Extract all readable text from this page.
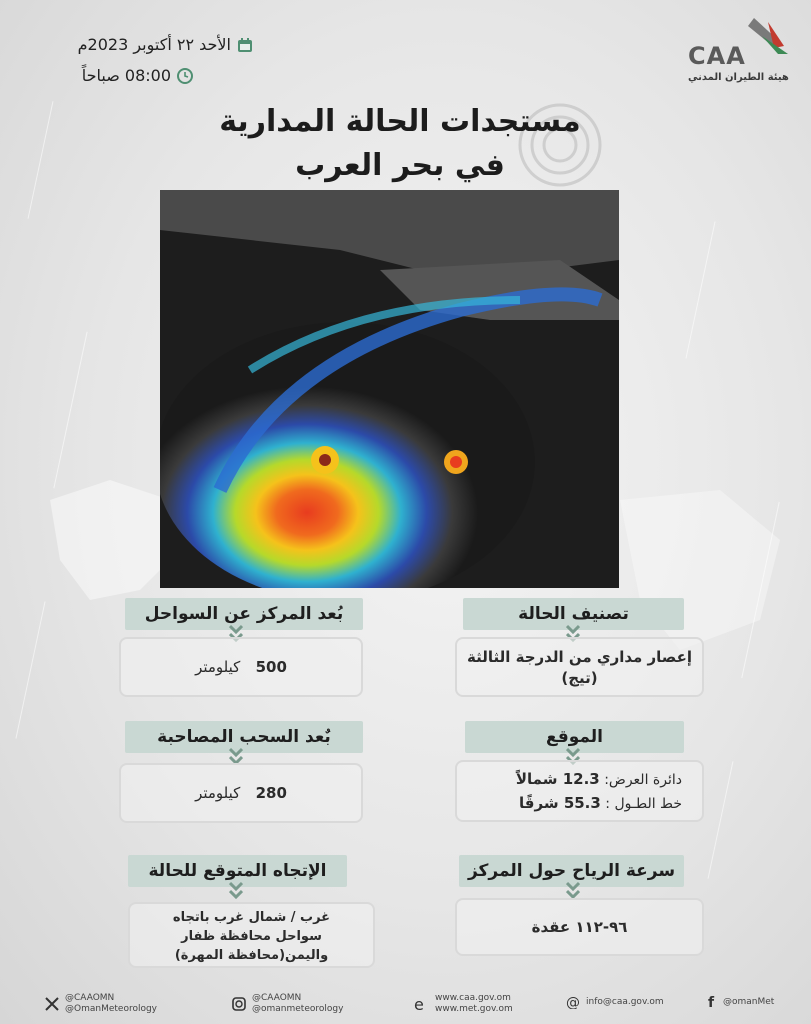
CAA
هيئة الطيران المدني
الأحد ٢٢ أكتوبر 2023م
08:00 صباحاً
مستجدات الحالة المدارية
في بحر العرب
تصنيف الحالة
إعصار مداري من الدرجة الثالثة (تيج)
الموقع
دائرة العرض: 12.3 شمالاً
خط الطـول : 55.3 شرقًا
سرعة الرياح حول المركز
٩٦-١١٢ عقدة
بُعد المركز عن السواحل
500   كيلومتر
بٌعد السحب المصاحبة
280   كيلومتر
الإتجاه المتوقع للحالة
غرب / شمال غرب باتجاه
سواحل محافظة ظفار
واليمن(محافظة المهرة)
@CAAOMN
@OmanMeteorology
@CAAOMN
@omanmeteorology	e www.caa.gov.om
www.met.gov.om	@ info@caa.gov.om	f @omanMet
